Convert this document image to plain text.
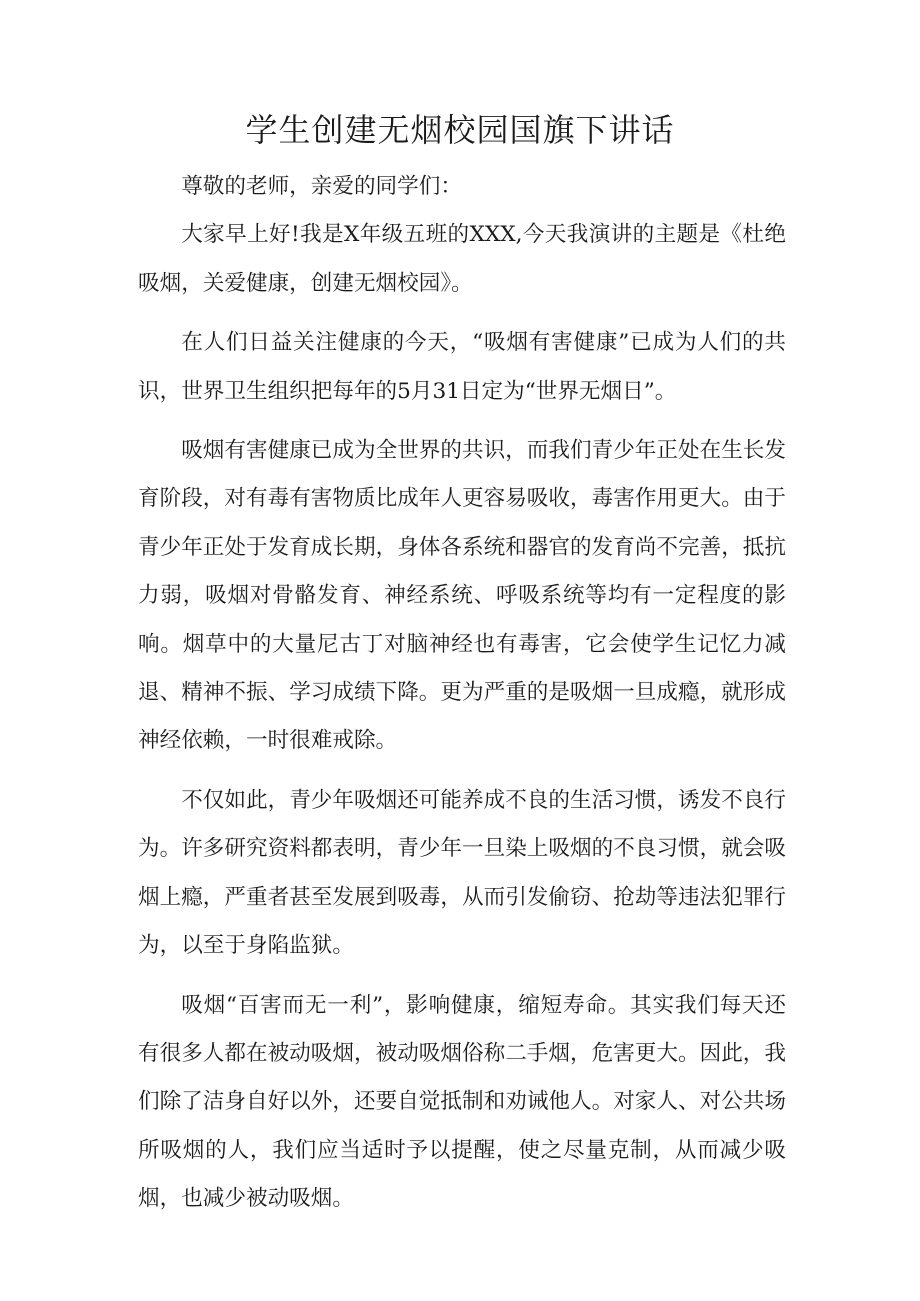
学生创建无烟校园国旗下讲话

尊敬的老师，亲爱的同学们：

大家早上好!我是X年级五班的XXX,今天我演讲的主题是《杜绝吸烟，关爱健康，创建无烟校园》。

在人们日益关注健康的今天，“吸烟有害健康”已成为人们的共识，世界卫生组织把每年的5月31日定为“世界无烟日”。

吸烟有害健康已成为全世界的共识，而我们青少年正处在生长发育阶段，对有毒有害物质比成年人更容易吸收，毒害作用更大。由于青少年正处于发育成长期，身体各系统和器官的发育尚不完善，抵抗力弱，吸烟对骨骼发育、神经系统、呼吸系统等均有一定程度的影响。烟草中的大量尼古丁对脑神经也有毒害，它会使学生记忆力减退、精神不振、学习成绩下降。更为严重的是吸烟一旦成瘾，就形成神经依赖，一时很难戒除。

不仅如此，青少年吸烟还可能养成不良的生活习惯，诱发不良行为。许多研究资料都表明，青少年一旦染上吸烟的不良习惯，就会吸烟上瘾，严重者甚至发展到吸毒，从而引发偷窃、抢劫等违法犯罪行为，以至于身陷监狱。

吸烟“百害而无一利”，影响健康，缩短寿命。其实我们每天还有很多人都在被动吸烟，被动吸烟俗称二手烟，危害更大。因此，我们除了洁身自好以外，还要自觉抵制和劝诫他人。对家人、对公共场所吸烟的人，我们应当适时予以提醒，使之尽量克制，从而减少吸烟，也减少被动吸烟。
